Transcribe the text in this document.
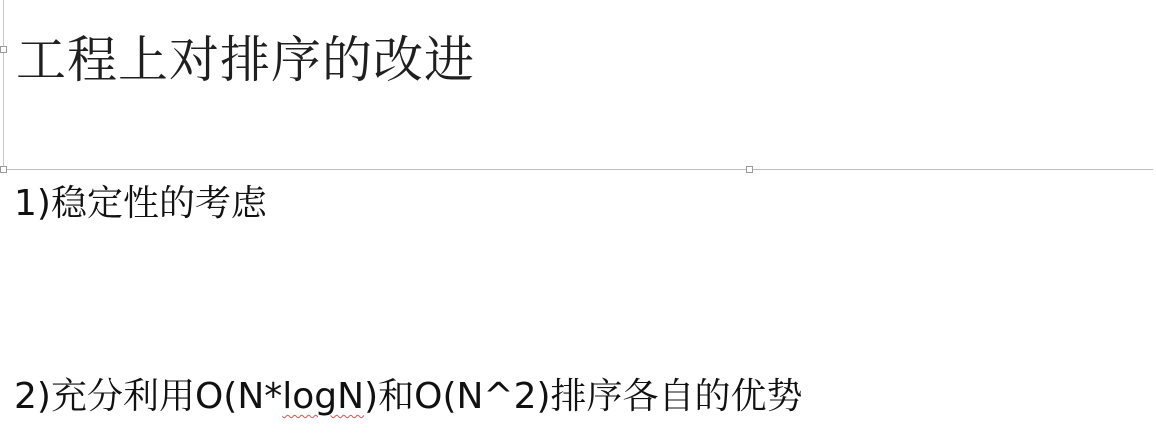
工程上对排序的改进

1)稳定性的考虑

2)充分利用O(N*logN)和O(N^2)排序各自的优势
